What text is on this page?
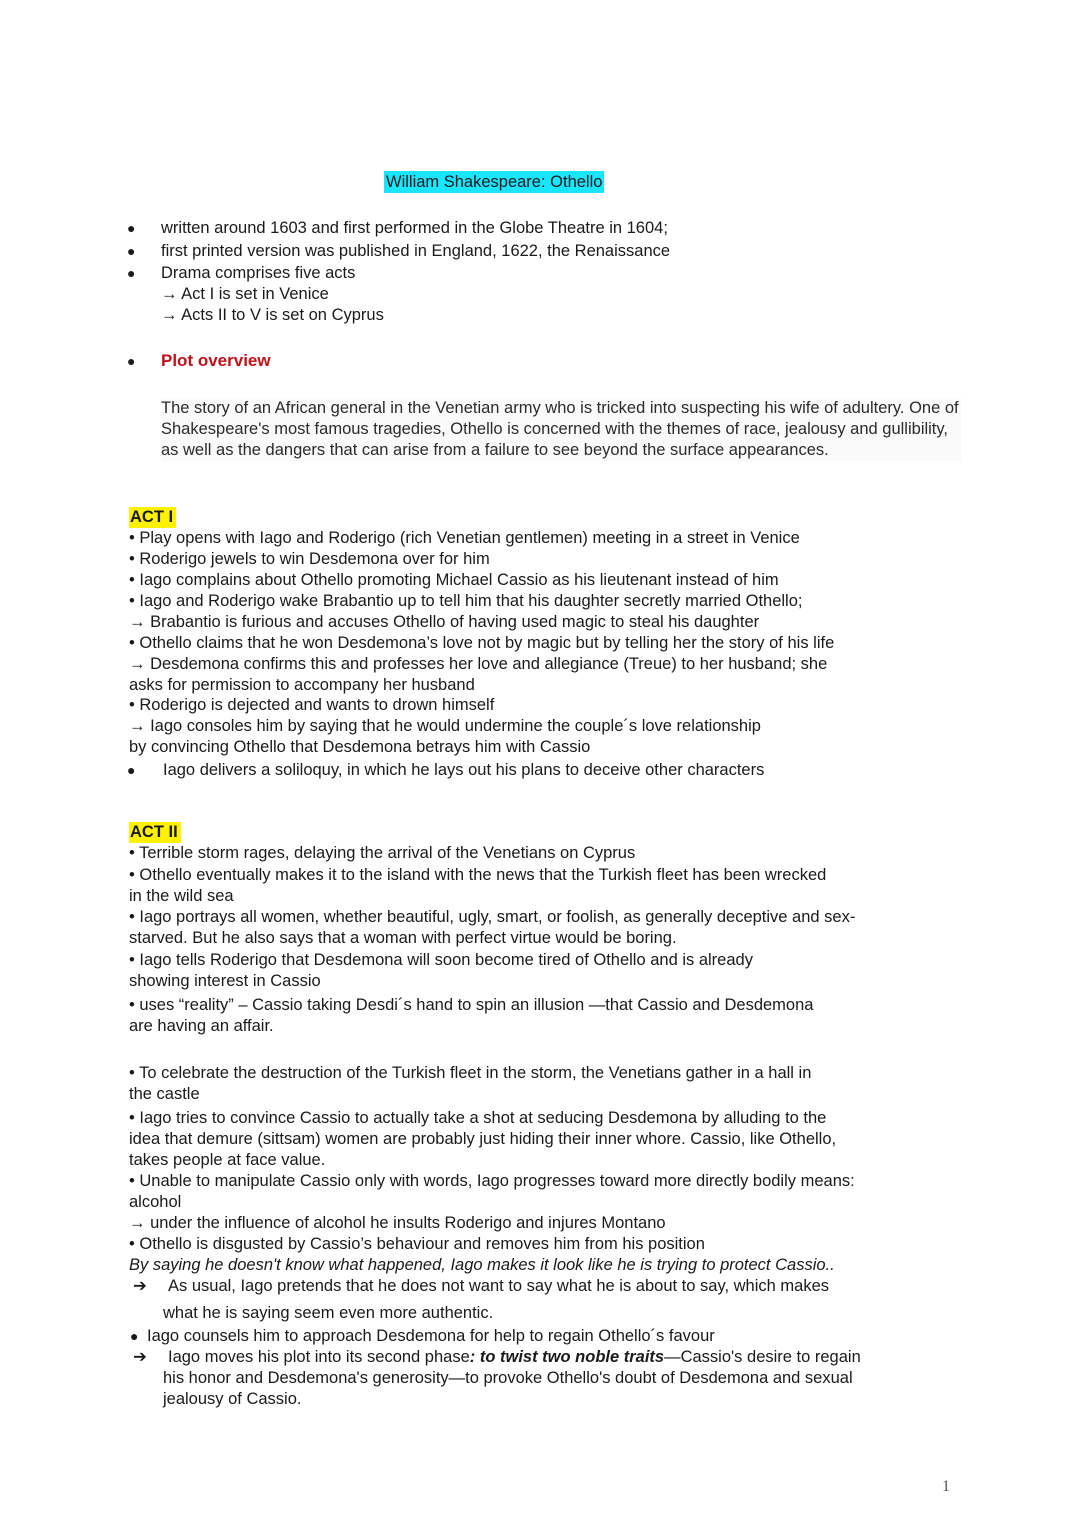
William Shakespeare: Othello
● written around 1603 and first performed in the Globe Theatre in 1604;
● first printed version was published in England, 1622, the Renaissance
● Drama comprises five acts
→ Act I is set in Venice
→ Acts II to V is set on Cyprus
● Plot overview
The story of an African general in the Venetian army who is tricked into suspecting his wife of adultery. One of Shakespeare's most famous tragedies, Othello is concerned with the themes of race, jealousy and gullibility, as well as the dangers that can arise from a failure to see beyond the surface appearances.
ACT I
• Play opens with Iago and Roderigo (rich Venetian gentlemen) meeting in a street in Venice
• Roderigo jewels to win Desdemona over for him
• Iago complains about Othello promoting Michael Cassio as his lieutenant instead of him
• Iago and Roderigo wake Brabantio up to tell him that his daughter secretly married Othello;
→ Brabantio is furious and accuses Othello of having used magic to steal his daughter
• Othello claims that he won Desdemona’s love not by magic but by telling her the story of his life
→ Desdemona confirms this and professes her love and allegiance (Treue) to her husband; she
asks for permission to accompany her husband
• Roderigo is dejected and wants to drown himself
→ Iago consoles him by saying that he would undermine the couple´s love relationship
by convincing Othello that Desdemona betrays him with Cassio
● Iago delivers a soliloquy, in which he lays out his plans to deceive other characters
ACT II
• Terrible storm rages, delaying the arrival of the Venetians on Cyprus
• Othello eventually makes it to the island with the news that the Turkish fleet has been wrecked
in the wild sea
• Iago portrays all women, whether beautiful, ugly, smart, or foolish, as generally deceptive and sex-
starved. But he also says that a woman with perfect virtue would be boring.
• Iago tells Roderigo that Desdemona will soon become tired of Othello and is already
showing interest in Cassio
• uses “reality” – Cassio taking Desdi´s hand to spin an illusion —that Cassio and Desdemona
are having an affair.
• To celebrate the destruction of the Turkish fleet in the storm, the Venetians gather in a hall in
the castle
• Iago tries to convince Cassio to actually take a shot at seducing Desdemona by alluding to the
idea that demure (sittsam) women are probably just hiding their inner whore. Cassio, like Othello,
takes people at face value.
• Unable to manipulate Cassio only with words, Iago progresses toward more directly bodily means:
alcohol
→ under the influence of alcohol he insults Roderigo and injures Montano
• Othello is disgusted by Cassio’s behaviour and removes him from his position
By saying he doesn't know what happened, Iago makes it look like he is trying to protect Cassio..
➔ As usual, Iago pretends that he does not want to say what he is about to say, which makes
what he is saying seem even more authentic.
● Iago counsels him to approach Desdemona for help to regain Othello´s favour
➔ Iago moves his plot into its second phase: to twist two noble traits—Cassio's desire to regain
his honor and Desdemona's generosity—to provoke Othello's doubt of Desdemona and sexual
jealousy of Cassio.
1
